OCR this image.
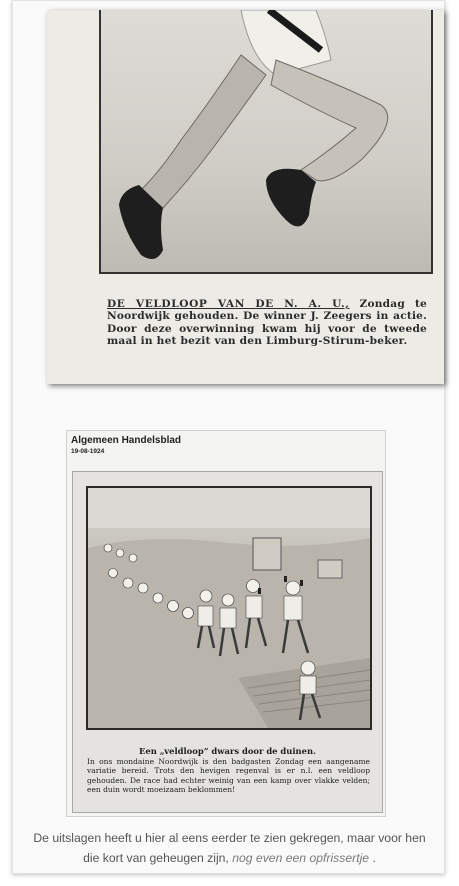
DE VELDLOOP VAN DE N. A. U., Zondag te Noordwijk gehouden. De winner J. Zeegers in actie. Door deze overwinning kwam hij voor de tweede maal in het bezit van den Limburg-Stirum-beker.
Algemeen Handelsblad
19-08-1924
Een „veldloop” dwars door de duinen.
In ons mondaine Noordwijk is den badgasten Zondag een aangename variatie bereid. Trots den hevigen regenval is er n.l. een veldloop gehouden. De race had echter weinig van een kamp over vlakke velden; een duin wordt moeizaam beklommen!
De uitslagen heeft u hier al eens eerder te zien gekregen, maar voor hen die kort van geheugen zijn, nog even een opfrissertje .
